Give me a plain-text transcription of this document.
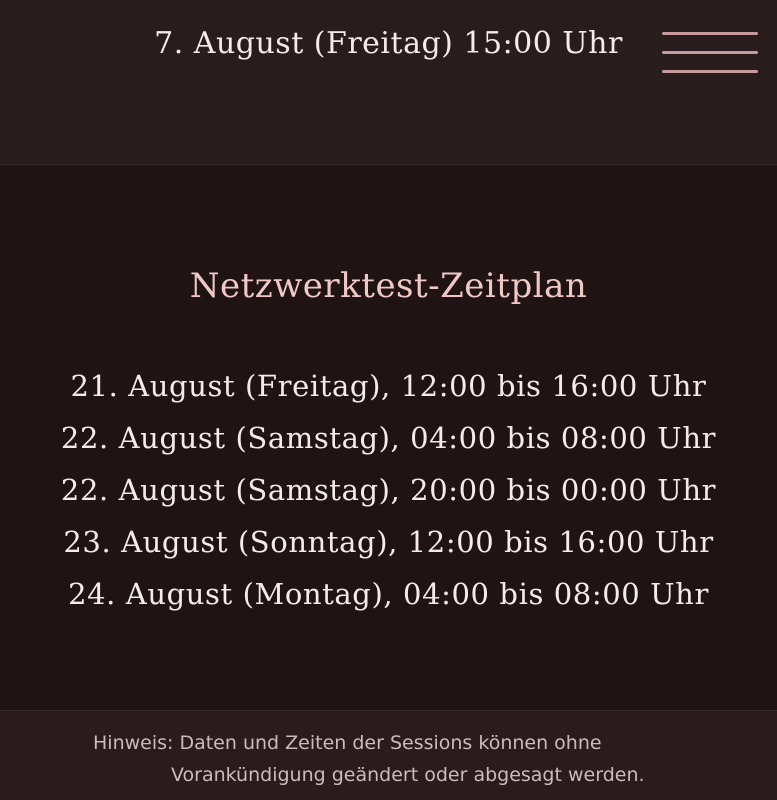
7. August (Freitag) 15:00 Uhr
Netzwerktest-Zeitplan
21. August (Freitag), 12:00 bis 16:00 Uhr
22. August (Samstag), 04:00 bis 08:00 Uhr
22. August (Samstag), 20:00 bis 00:00 Uhr
23. August (Sonntag), 12:00 bis 16:00 Uhr
24. August (Montag), 04:00 bis 08:00 Uhr
Hinweis: Daten und Zeiten der Sessions können ohne
Vorankündigung geändert oder abgesagt werden.
